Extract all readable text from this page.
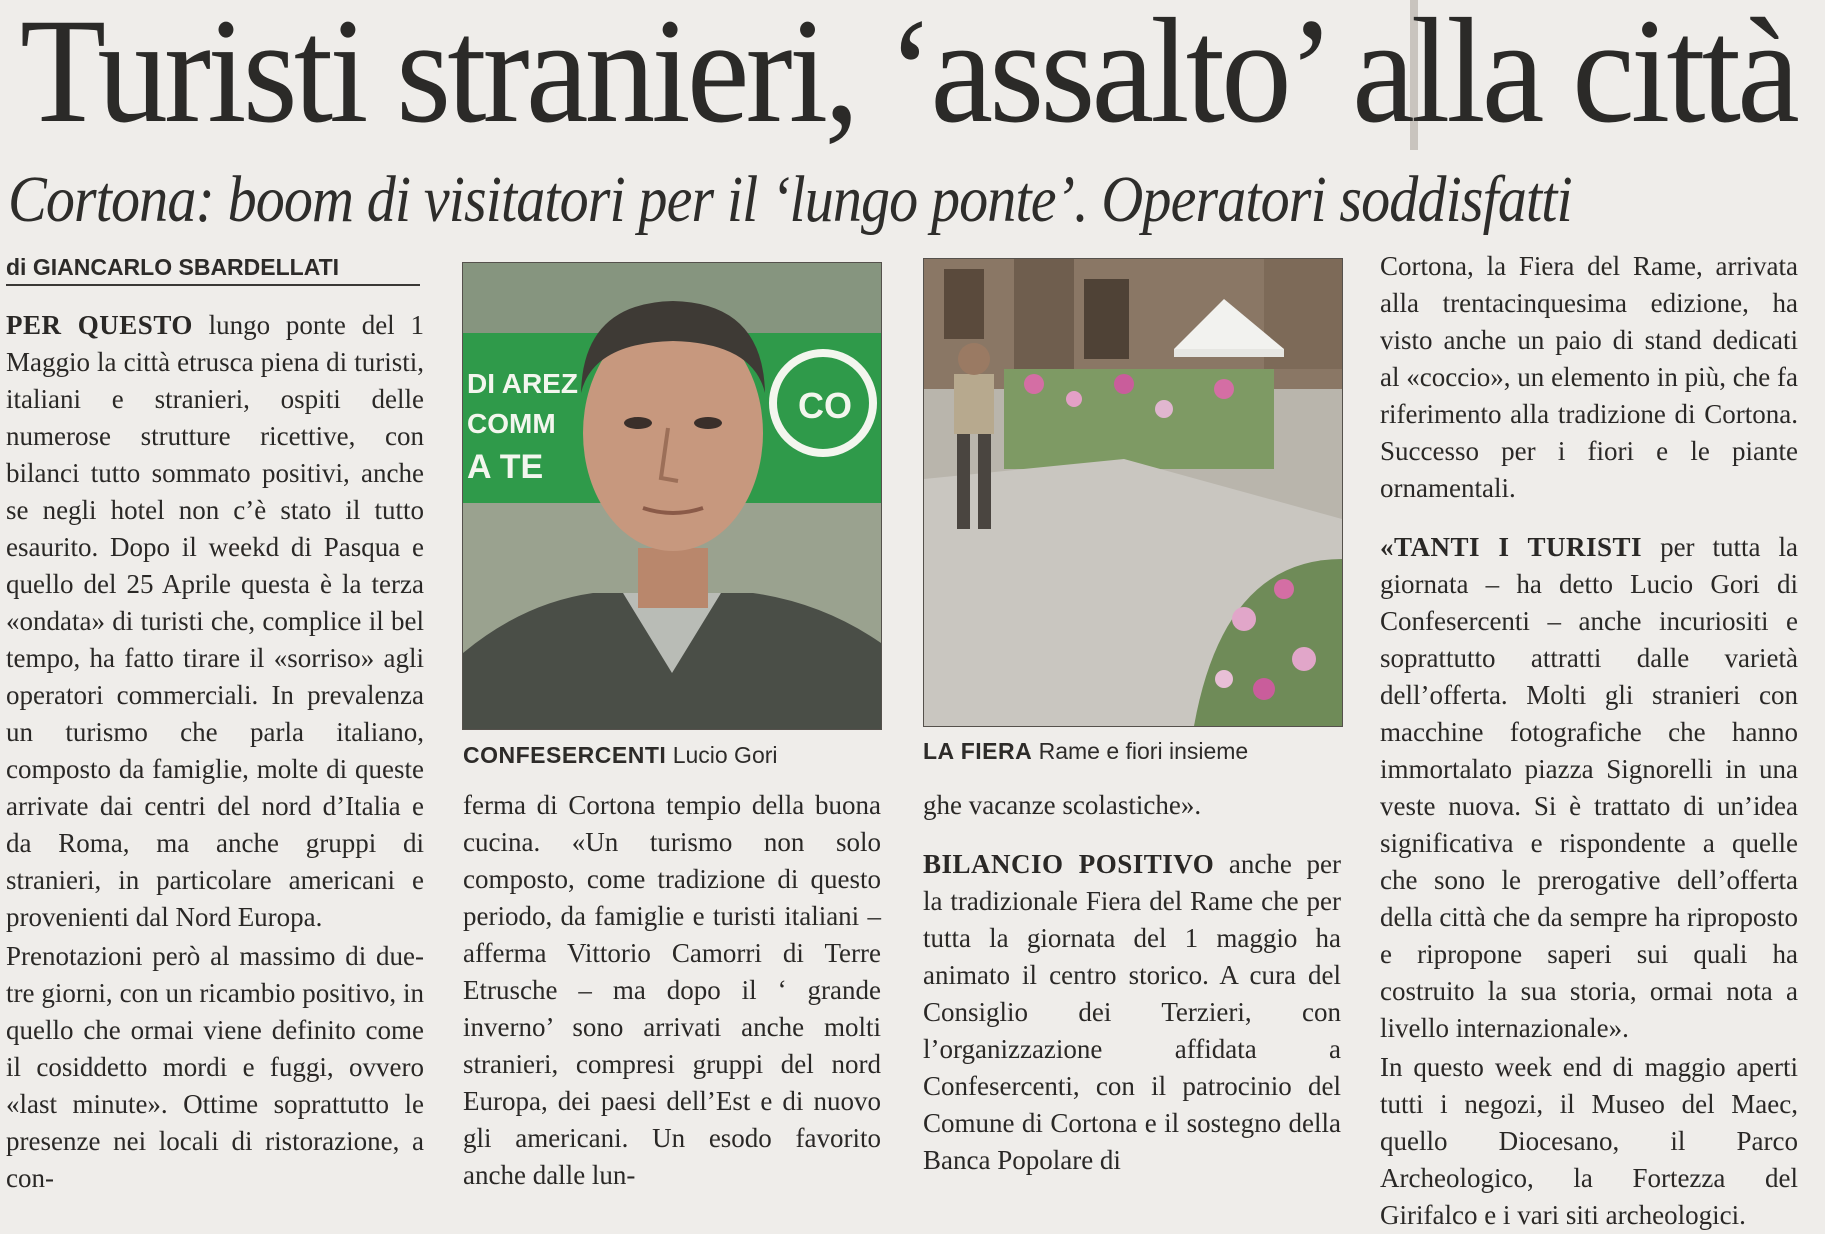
Turisti stranieri, ‘assalto’ alla città
Cortona: boom di visitatori per il ‘lungo ponte’. Operatori soddisfatti
di GIANCARLO SBARDELLATI

PER QUESTO lungo ponte del 1 Maggio la città etrusca piena di turisti, italiani e stranieri, ospiti delle numerose strutture ricettive, con bilanci tutto sommato positivi, anche se negli hotel non c’è stato il tutto esaurito. Dopo il weekd di Pasqua e quello del 25 Aprile questa è la terza «ondata» di turisti che, complice il bel tempo, ha fatto tirare il «sorriso» agli operatori commerciali. In prevalenza un turismo che parla italiano, composto da famiglie, molte di queste arrivate dai centri del nord d’Italia e da Roma, ma anche gruppi di stranieri, in particolare americani e provenienti dal Nord Europa.

Prenotazioni però al massimo di due-tre giorni, con un ricambio positivo, in quello che ormai viene definito come il cosiddetto mordi e fuggi, ovvero «last minute». Ottime soprattutto le presenze nei locali di ristorazione, a con-

DI AREZ
COMM
A TE
CO
CONFESERCENTI Lucio Gori	LA FIERA Rame e fiori insieme

ferma di Cortona tempio della buona cucina. «Un turismo non solo composto, come tradizione di questo periodo, da famiglie e turisti italiani – afferma Vittorio Camorri di Terre Etrusche – ma dopo il ‘ grande inverno’ sono arrivati anche molti stranieri, compresi gruppi del nord Europa, dei paesi dell’Est e di nuovo gli americani. Un esodo favorito anche dalle lun-

ghe vacanze scolastiche».

BILANCIO POSITIVO anche per la tradizionale Fiera del Rame che per tutta la giornata del 1 maggio ha animato il centro storico. A cura del Consiglio dei Terzieri, con l’organizzazione affidata a Confesercenti, con il patrocinio del Comune di Cortona e il sostegno della Banca Popolare di

Cortona, la Fiera del Rame, arrivata alla trentacinquesima edizione, ha visto anche un paio di stand dedicati al «coccio», un elemento in più, che fa riferimento alla tradizione di Cortona. Successo per i fiori e le piante ornamentali.

«TANTI I TURISTI per tutta la giornata – ha detto Lucio Gori di Confesercenti – anche incuriositi e soprattutto attratti dalle varietà dell’offerta. Molti gli stranieri con macchine fotografiche che hanno immortalato piazza Signorelli in una veste nuova. Si è trattato di un’idea significativa e rispondente a quelle che sono le prerogative dell’offerta della città che da sempre ha riproposto e ripropone saperi sui quali ha costruito la sua storia, ormai nota a livello internazionale».

In questo week end di maggio aperti tutti i negozi, il Museo del Maec, quello Diocesano, il Parco Archeologico, la Fortezza del Girifalco e i vari siti archeologici.
